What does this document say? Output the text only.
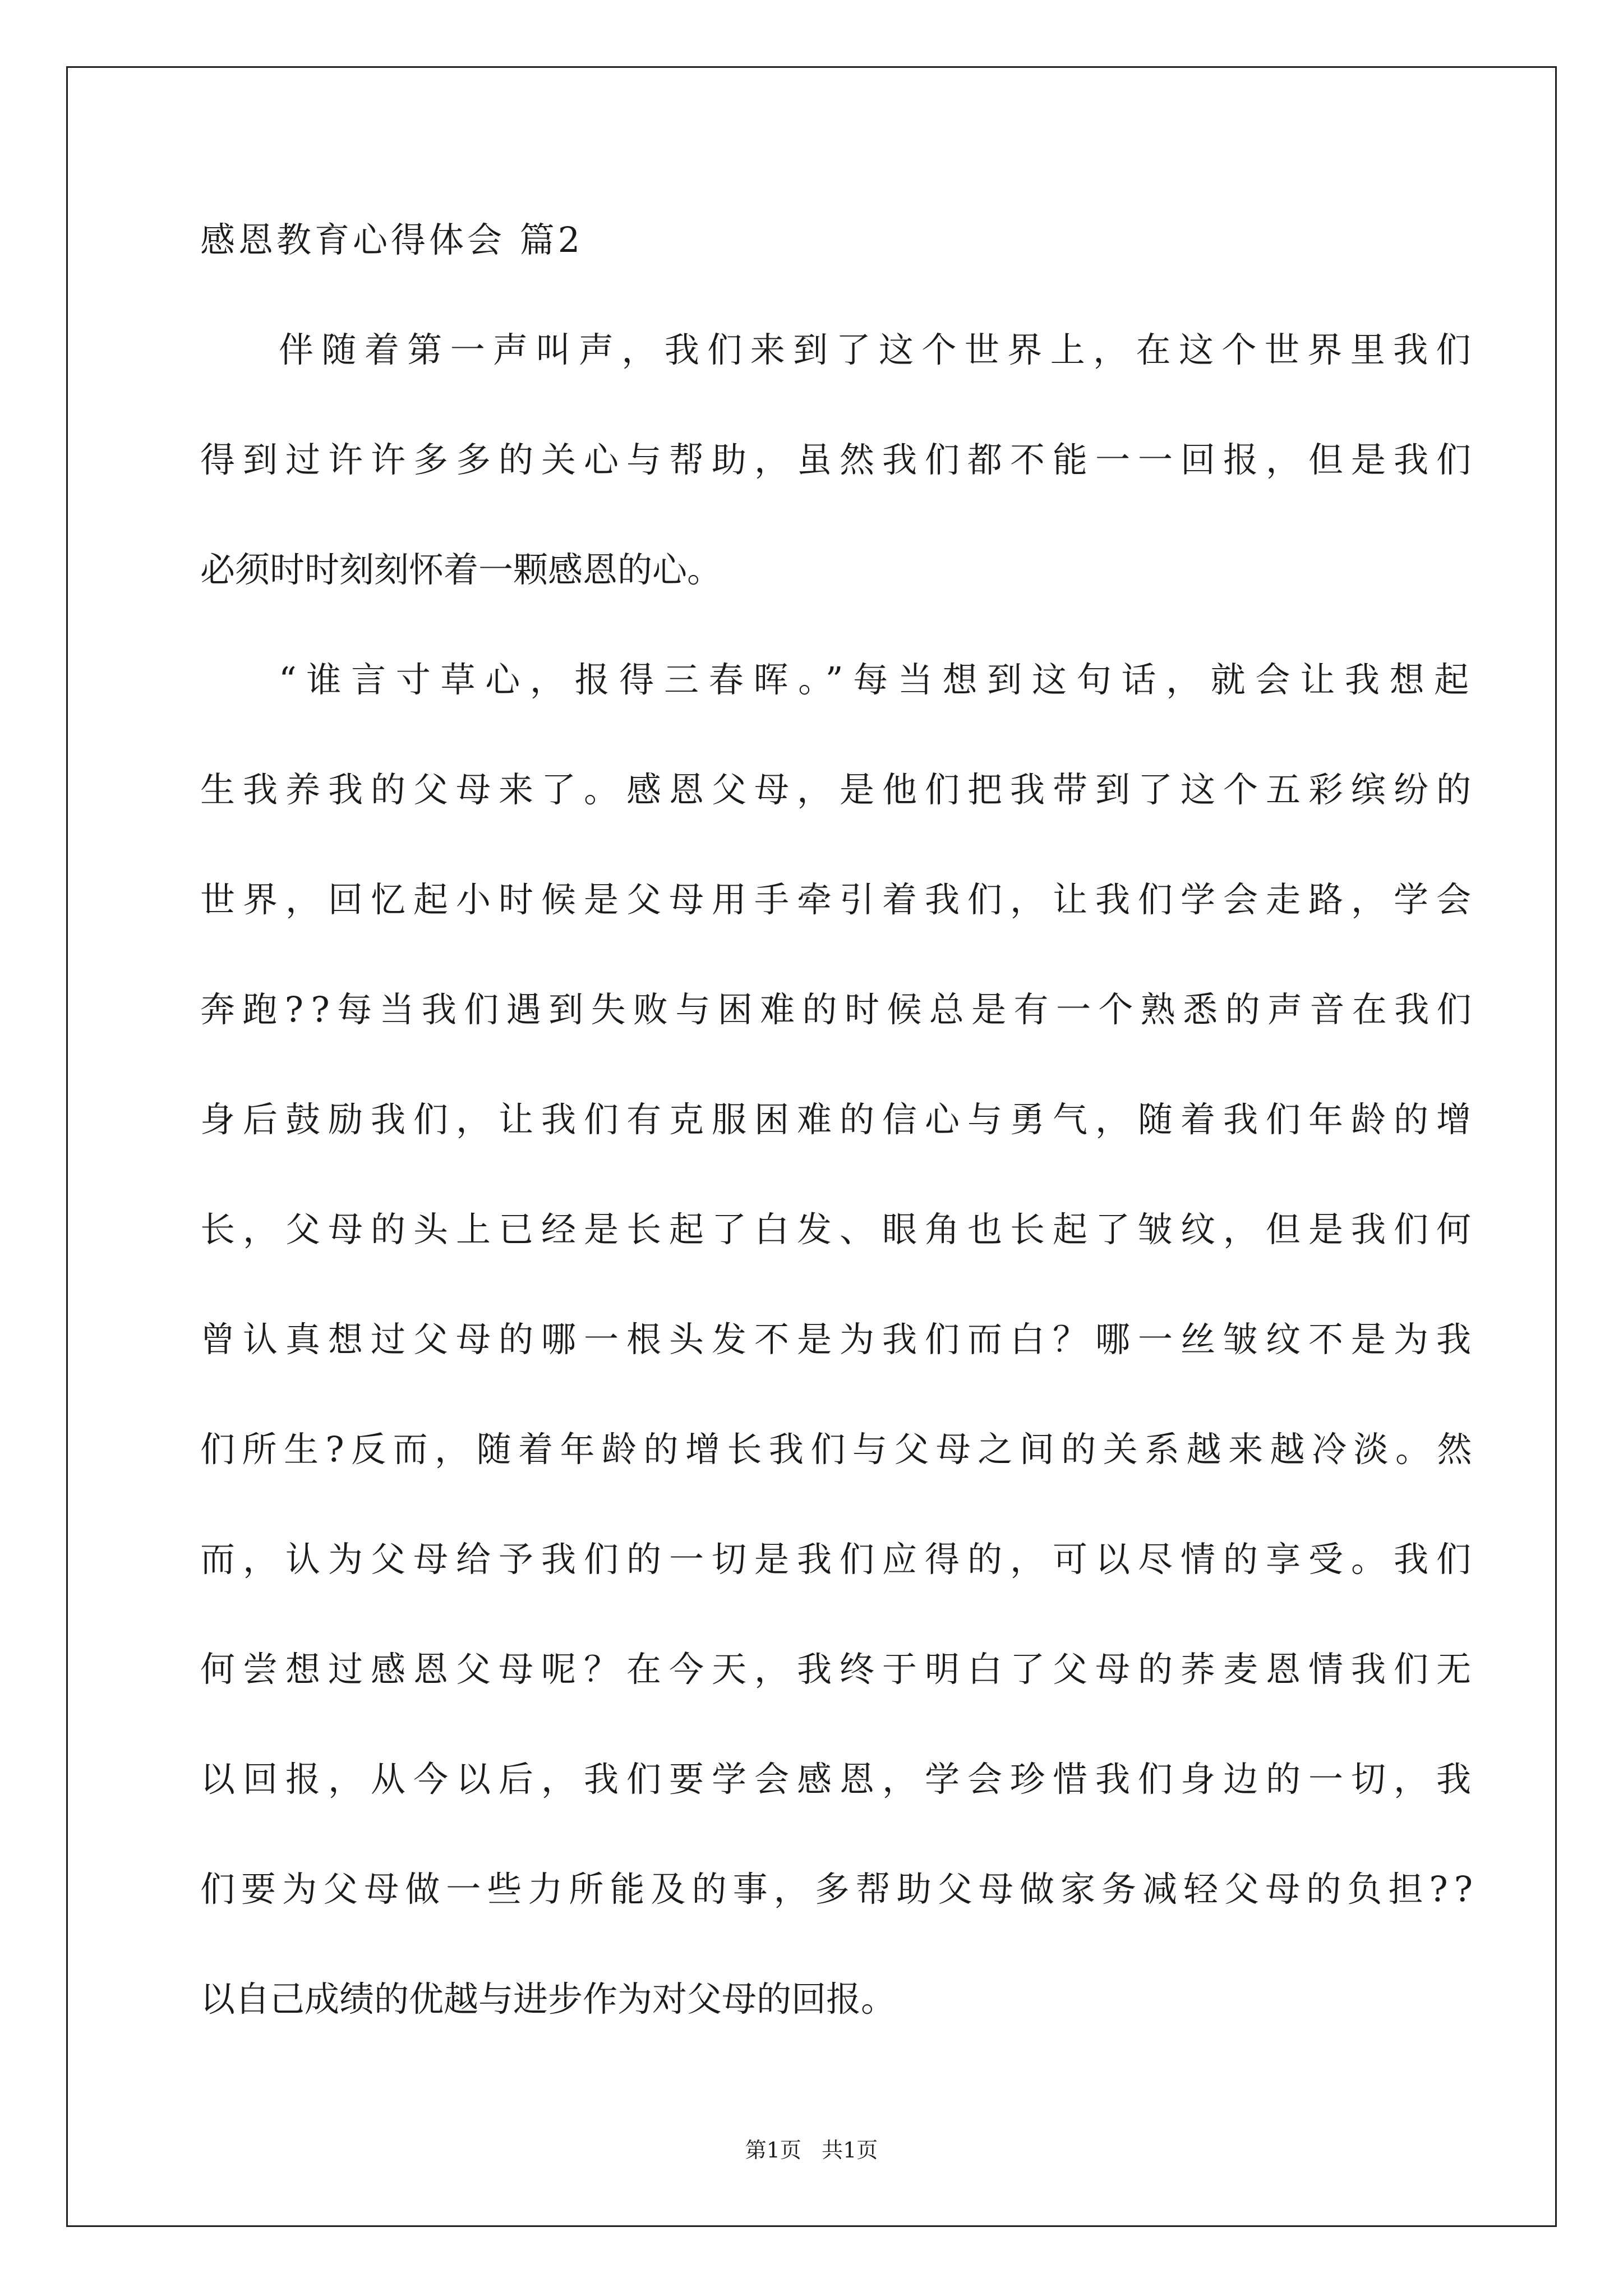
感恩教育心得体会 篇2
伴随着第一声叫声，我们来到了这个世界上，在这个世界里我们
得到过许许多多的关心与帮助，虽然我们都不能一一回报，但是我们
必须时时刻刻怀着一颗感恩的心。
“谁言寸草心，报得三春晖。”每当想到这句话，就会让我想起
生我养我的父母来了。感恩父母，是他们把我带到了这个五彩缤纷的
世界，回忆起小时候是父母用手牵引着我们，让我们学会走路，学会
奔跑??每当我们遇到失败与困难的时候总是有一个熟悉的声音在我们
身后鼓励我们，让我们有克服困难的信心与勇气，随着我们年龄的增
长，父母的头上已经是长起了白发、眼角也长起了皱纹，但是我们何
曾认真想过父母的哪一根头发不是为我们而白？哪一丝皱纹不是为我
们所生?反而，随着年龄的增长我们与父母之间的关系越来越冷淡。然
而，认为父母给予我们的一切是我们应得的，可以尽情的享受。我们
何尝想过感恩父母呢？在今天，我终于明白了父母的荞麦恩情我们无
以回报，从今以后，我们要学会感恩，学会珍惜我们身边的一切，我
们要为父母做一些力所能及的事，多帮助父母做家务减轻父母的负担??
以自己成绩的优越与进步作为对父母的回报。
第1页   共1页
